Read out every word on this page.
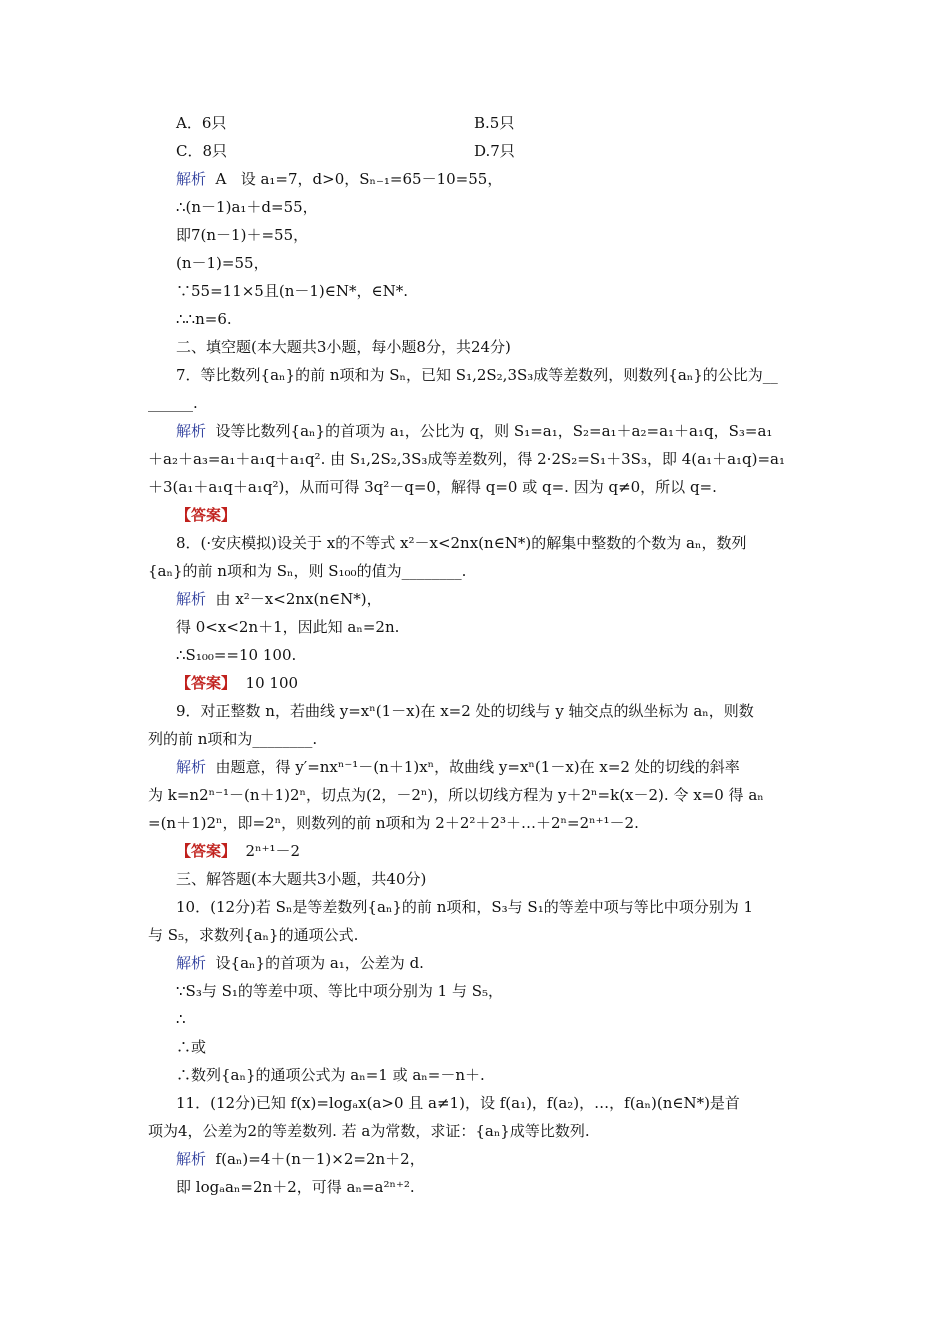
A．6只	B.5只
C．8只	D.7只
解析  A   设 a₁=7，d>0，Sₙ₋₁=65－10=55，
∴(n－1)a₁＋d=55，
即7(n－1)＋=55，
(n－1)=55，
∵55=11×5且(n－1)∈N*，∈N*.
∴∴n=6.
二、填空题(本大题共3小题，每小题8分，共24分)
7．等比数列{aₙ}的前 n项和为 Sₙ，已知 S₁,2S₂,3S₃成等差数列，则数列{aₙ}的公比为__
______.
解析  设等比数列{aₙ}的首项为 a₁，公比为 q，则 S₁=a₁，S₂=a₁＋a₂=a₁＋a₁q，S₃=a₁
＋a₂＋a₃=a₁＋a₁q＋a₁q². 由 S₁,2S₂,3S₃成等差数列，得 2·2S₂=S₁＋3S₃，即 4(a₁＋a₁q)=a₁
＋3(a₁＋a₁q＋a₁q²)，从而可得 3q²－q=0，解得 q=0 或 q=. 因为 q≠0，所以 q=.
【答案】
8．(·安庆模拟)设关于 x的不等式 x²－x<2nx(n∈N*)的解集中整数的个数为 aₙ，数列
{aₙ}的前 n项和为 Sₙ，则 S₁₀₀的值为________.
解析  由 x²－x<2nx(n∈N*)，
得 0<x<2n＋1，因此知 aₙ=2n.
∴S₁₀₀==10 100.
【答案】  10 100
9．对正整数 n，若曲线 y=xⁿ(1－x)在 x=2 处的切线与 y 轴交点的纵坐标为 aₙ，则数
列的前 n项和为________.
解析  由题意，得 y′=nxⁿ⁻¹－(n＋1)xⁿ，故曲线 y=xⁿ(1－x)在 x=2 处的切线的斜率
为 k=n2ⁿ⁻¹－(n＋1)2ⁿ，切点为(2，－2ⁿ)，所以切线方程为 y＋2ⁿ=k(x－2). 令 x=0 得 aₙ
=(n＋1)2ⁿ，即=2ⁿ，则数列的前 n项和为 2＋2²＋2³＋…＋2ⁿ=2ⁿ⁺¹－2.
【答案】  2ⁿ⁺¹－2
三、解答题(本大题共3小题，共40分)
10．(12分)若 Sₙ是等差数列{aₙ}的前 n项和，S₃与 S₁的等差中项与等比中项分别为 1
与 S₅，求数列{aₙ}的通项公式.
解析  设{aₙ}的首项为 a₁，公差为 d.
∵S₃与 S₁的等差中项、等比中项分别为 1 与 S₅，
∴
∴或
∴数列{aₙ}的通项公式为 aₙ=1 或 aₙ=－n＋.
11．(12分)已知 f(x)=logₐx(a>0 且 a≠1)，设 f(a₁)，f(a₂)，…，f(aₙ)(n∈N*)是首
项为4，公差为2的等差数列. 若 a为常数，求证：{aₙ}成等比数列.
解析  f(aₙ)=4＋(n－1)×2=2n＋2，
即 logₐaₙ=2n＋2，可得 aₙ=a²ⁿ⁺².
